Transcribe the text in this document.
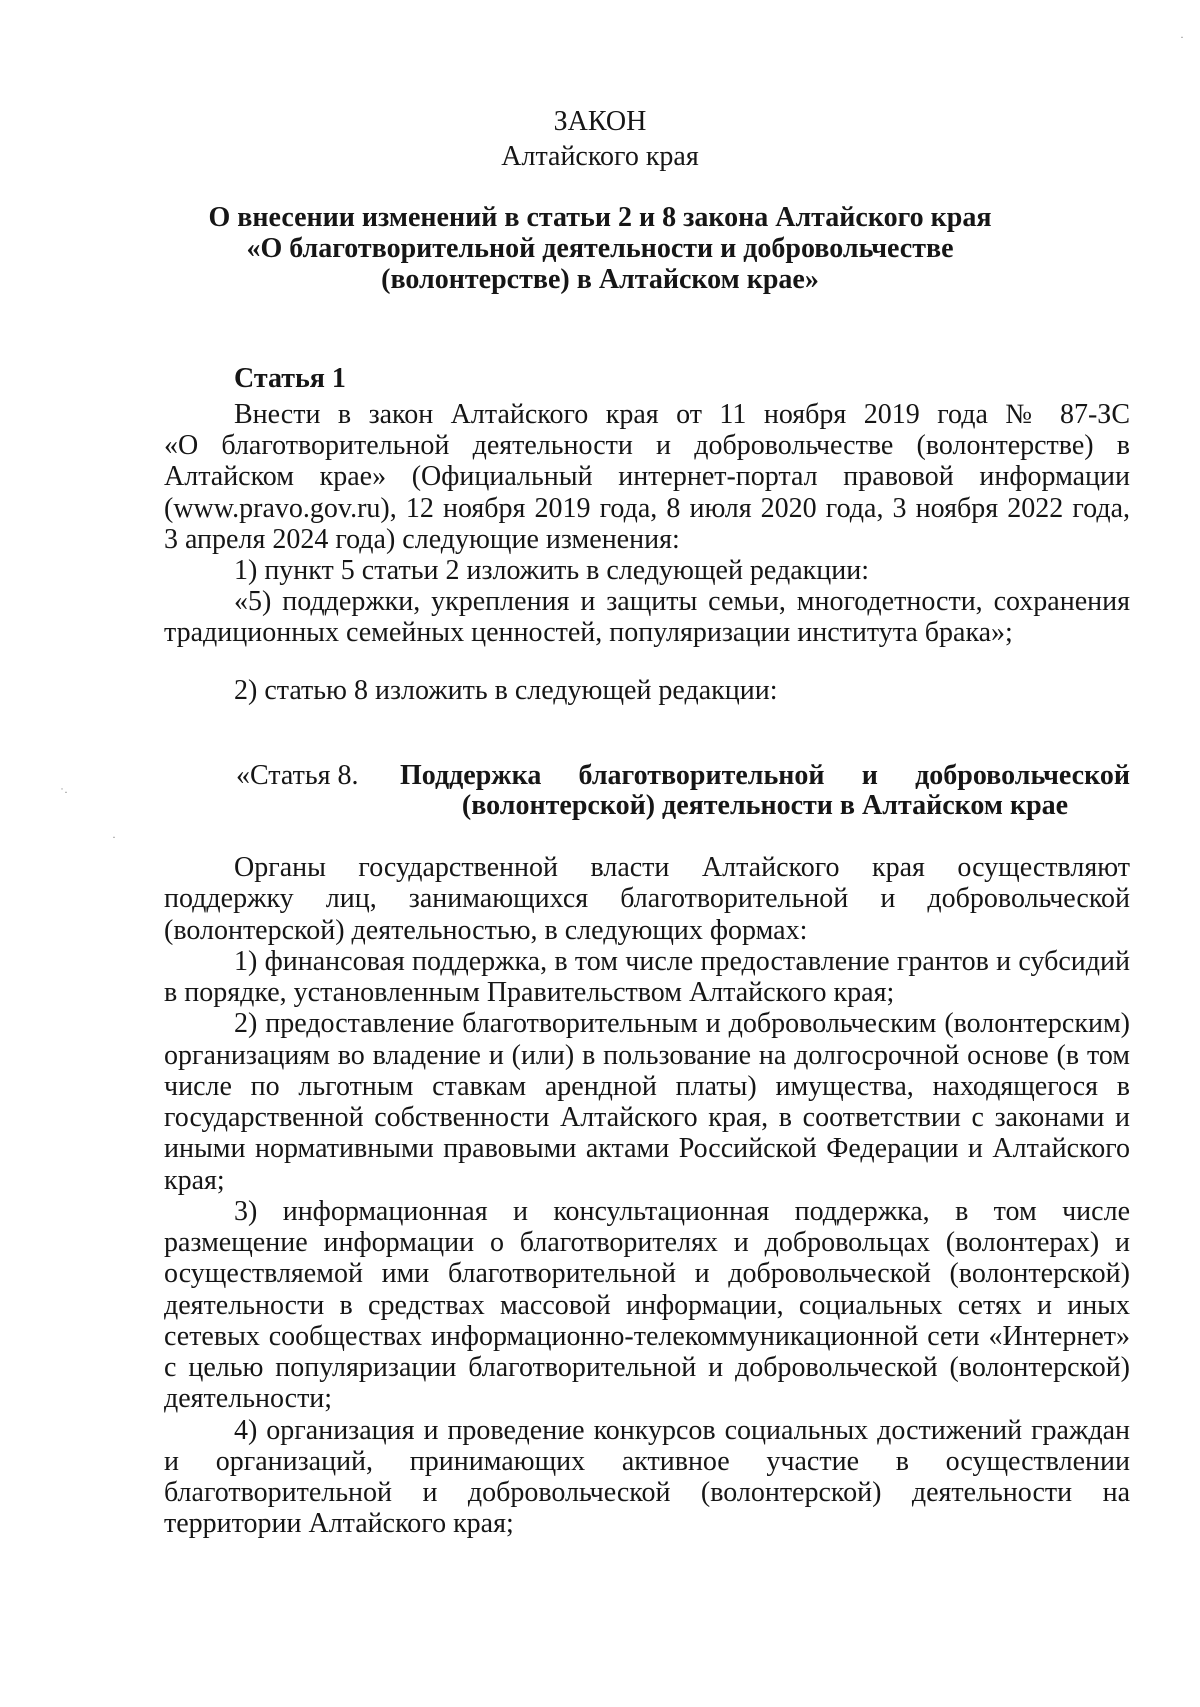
ЗАКОН
Алтайского края
О внесении изменений в статьи 2 и 8 закона Алтайского края
«О благотворительной деятельности и добровольчестве
(волонтерстве) в Алтайском крае»
Статья 1
Внести в закон Алтайского края от 11 ноября 2019 года № 87-ЗС
«О благотворительной деятельности и добровольчестве (волонтерстве) в
Алтайском крае» (Официальный интернет-портал правовой информации
(www.pravo.gov.ru), 12 ноября 2019 года, 8 июля 2020 года, 3 ноября 2022 года,
3 апреля 2024 года) следующие изменения:
1) пункт 5 статьи 2 изложить в следующей редакции:
«5) поддержки, укрепления и защиты семьи, многодетности, сохранения
традиционных семейных ценностей, популяризации института брака»;
2) статью 8 изложить в следующей редакции:
«Статья 8. Поддержка благотворительной и добровольческой
(волонтерской) деятельности в Алтайском крае
Органы государственной власти Алтайского края осуществляют
поддержку лиц, занимающихся благотворительной и добровольческой
(волонтерской) деятельностью, в следующих формах:
1) финансовая поддержка, в том числе предоставление грантов и субсидий
в порядке, установленным Правительством Алтайского края;
2) предоставление благотворительным и добровольческим (волонтерским)
организациям во владение и (или) в пользование на долгосрочной основе (в том
числе по льготным ставкам арендной платы) имущества, находящегося в
государственной собственности Алтайского края, в соответствии с законами и
иными нормативными правовыми актами Российской Федерации и Алтайского
края;
3) информационная и консультационная поддержка, в том числе
размещение информации о благотворителях и добровольцах (волонтерах) и
осуществляемой ими благотворительной и добровольческой (волонтерской)
деятельности в средствах массовой информации, социальных сетях и иных
сетевых сообществах информационно-телекоммуникационной сети «Интернет»
с целью популяризации благотворительной и добровольческой (волонтерской)
деятельности;
4) организация и проведение конкурсов социальных достижений граждан
и организаций, принимающих активное участие в осуществлении
благотворительной и добровольческой (волонтерской) деятельности на
территории Алтайского края;
˙·
·
·
